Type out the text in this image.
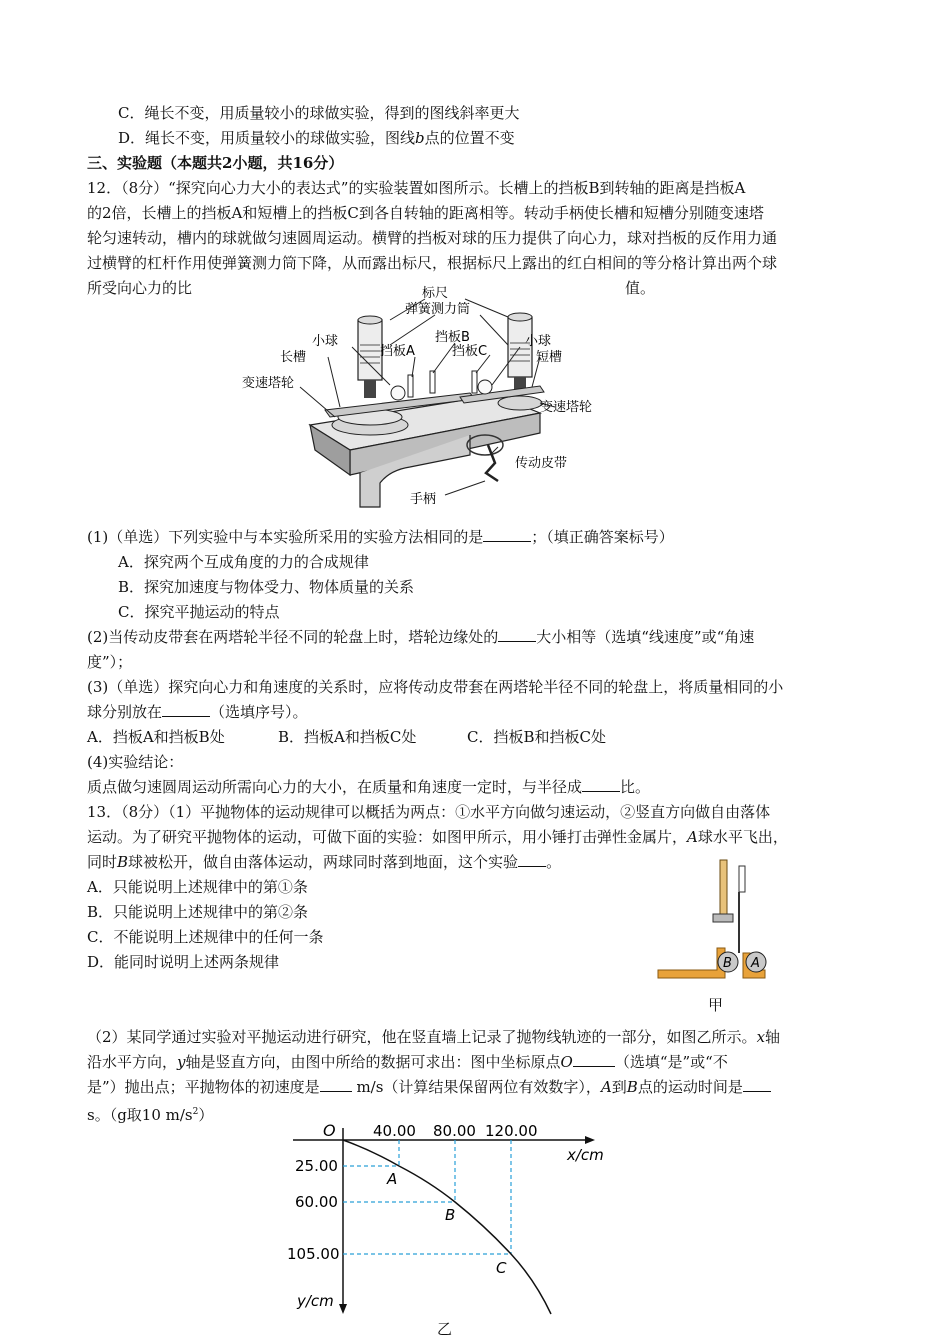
C．绳长不变，用质量较小的球做实验，得到的图线斜率更大
D．绳长不变，用质量较小的球做实验，图线b点的位置不变
三、实验题（本题共2小题，共16分）
12．（8分）“探究向心力大小的表达式”的实验装置如图所示。长槽上的挡板B到转轴的距离是挡板A
的2倍，长槽上的挡板A和短槽上的挡板C到各自转轴的距离相等。转动手柄使长槽和短槽分别随变速塔
轮匀速转动，槽内的球就做匀速圆周运动。横臂的挡板对球的压力提供了向心力，球对挡板的反作用力通
过横臂的杠杆作用使弹簧测力筒下降，从而露出标尺，根据标尺上露出的红白相间的等分格计算出两个球
所受向心力的比	值。
标尺
弹簧测力筒
小球	小球
挡板B
挡板A	挡板C
长槽	短槽
变速塔轮
变速塔轮
传动皮带
手柄
(1)（单选）下列实验中与本实验所采用的实验方法相同的是	；（填正确答案标号）
A．探究两个互成角度的力的合成规律
B．探究加速度与物体受力、物体质量的关系
C．探究平抛运动的特点
(2)当传动皮带套在两塔轮半径不同的轮盘上时，塔轮边缘处的	大小相等（选填“线速度”或“角速
度”）；
(3)（单选）探究向心力和角速度的关系时，应将传动皮带套在两塔轮半径不同的轮盘上，将质量相同的小
球分别放在	（选填序号）。
A．挡板A和挡板B处	B．挡板A和挡板C处	C．挡板B和挡板C处
(4)实验结论：
质点做匀速圆周运动所需向心力的大小，在质量和角速度一定时，与半径成	比。
13．（8分）（1）平抛物体的运动规律可以概括为两点：①水平方向做匀速运动，②竖直方向做自由落体
运动。为了研究平抛物体的运动，可做下面的实验：如图甲所示，用小锤打击弹性金属片，A球水平飞出，
同时B球被松开，做自由落体运动，两球同时落到地面，这个实验 。
A．只能说明上述规律中的第①条
B．只能说明上述规律中的第②条
C．不能说明上述规律中的任何一条
D．能同时说明上述两条规律	B A
甲
（2）某同学通过实验对平抛运动进行研究，他在竖直墙上记录了抛物线轨迹的一部分，如图乙所示。x轴
沿水平方向，y轴是竖直方向，由图中所给的数据可求出：图中坐标原点O	（选填“是”或“不
是”）抛出点；平抛物体的初速度是 m/s（计算结果保留两位有效数字），A到B点的运动时间是
s。（g取10 $m/s^2$）
O 40.00 80.00 120.00
x/cm
25.00
60.00
105.00
y/cm
A
B
C
乙
